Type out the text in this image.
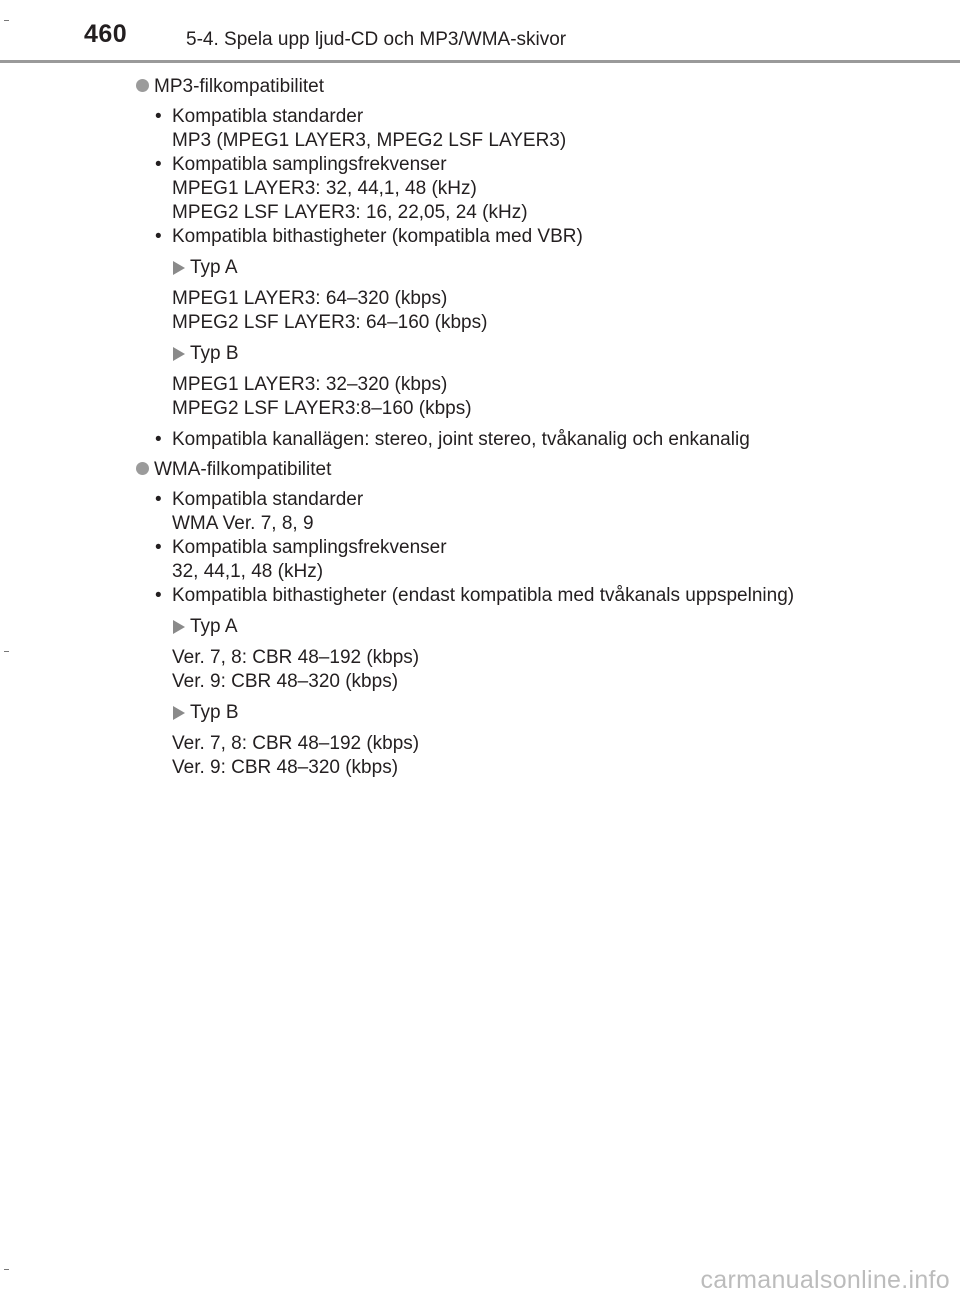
460	5-4. Spela upp ljud-CD och MP3/WMA-skivor
MP3-filkompatibilitet
• Kompatibla standarder
MP3 (MPEG1 LAYER3, MPEG2 LSF LAYER3)
• Kompatibla samplingsfrekvenser
MPEG1 LAYER3: 32, 44,1, 48 (kHz)
MPEG2 LSF LAYER3: 16, 22,05, 24 (kHz)
• Kompatibla bithastigheter (kompatibla med VBR)
Typ A
MPEG1 LAYER3: 64–320 (kbps)
MPEG2 LSF LAYER3: 64–160 (kbps)
Typ B
MPEG1 LAYER3: 32–320 (kbps)
MPEG2 LSF LAYER3:8–160 (kbps)
• Kompatibla kanallägen: stereo, joint stereo, tvåkanalig och enkanalig
WMA-filkompatibilitet
• Kompatibla standarder
WMA Ver. 7, 8, 9
• Kompatibla samplingsfrekvenser
32, 44,1, 48 (kHz)
• Kompatibla bithastigheter (endast kompatibla med tvåkanals uppspelning)
Typ A
Ver. 7, 8: CBR 48–192 (kbps)
Ver. 9: CBR 48–320 (kbps)
Typ B
Ver. 7, 8: CBR 48–192 (kbps)
Ver. 9: CBR 48–320 (kbps)
carmanualsonline.info
